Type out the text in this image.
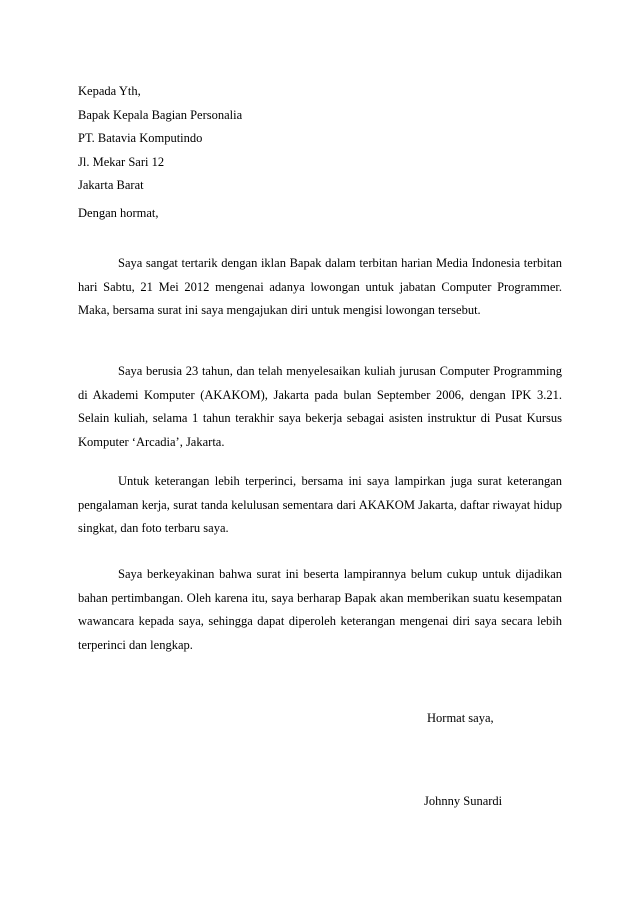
Kepada Yth,
Bapak Kepala Bagian Personalia
PT. Batavia Komputindo
Jl. Mekar Sari 12
Jakarta Barat
Dengan hormat,

Saya sangat tertarik dengan iklan Bapak dalam terbitan harian Media Indonesia terbitan hari Sabtu, 21 Mei 2012 mengenai adanya lowongan untuk jabatan Computer Programmer. Maka, bersama surat ini saya mengajukan diri untuk mengisi lowongan tersebut.

Saya berusia 23 tahun, dan telah menyelesaikan kuliah jurusan Computer Programming di Akademi Komputer (AKAKOM), Jakarta pada bulan September 2006, dengan IPK 3.21. Selain kuliah, selama 1 tahun terakhir saya bekerja sebagai asisten instruktur di Pusat Kursus Komputer ‘Arcadia’, Jakarta.

Untuk keterangan lebih terperinci, bersama ini saya lampirkan juga surat keterangan pengalaman kerja, surat tanda kelulusan sementara dari AKAKOM Jakarta, daftar riwayat hidup singkat, dan foto terbaru saya.

Saya berkeyakinan bahwa surat ini beserta lampirannya belum cukup untuk dijadikan bahan pertimbangan. Oleh karena itu, saya berharap Bapak akan memberikan suatu kesempatan wawancara kepada saya, sehingga dapat diperoleh keterangan mengenai diri saya secara lebih terperinci dan lengkap.

Hormat saya,
Johnny Sunardi
